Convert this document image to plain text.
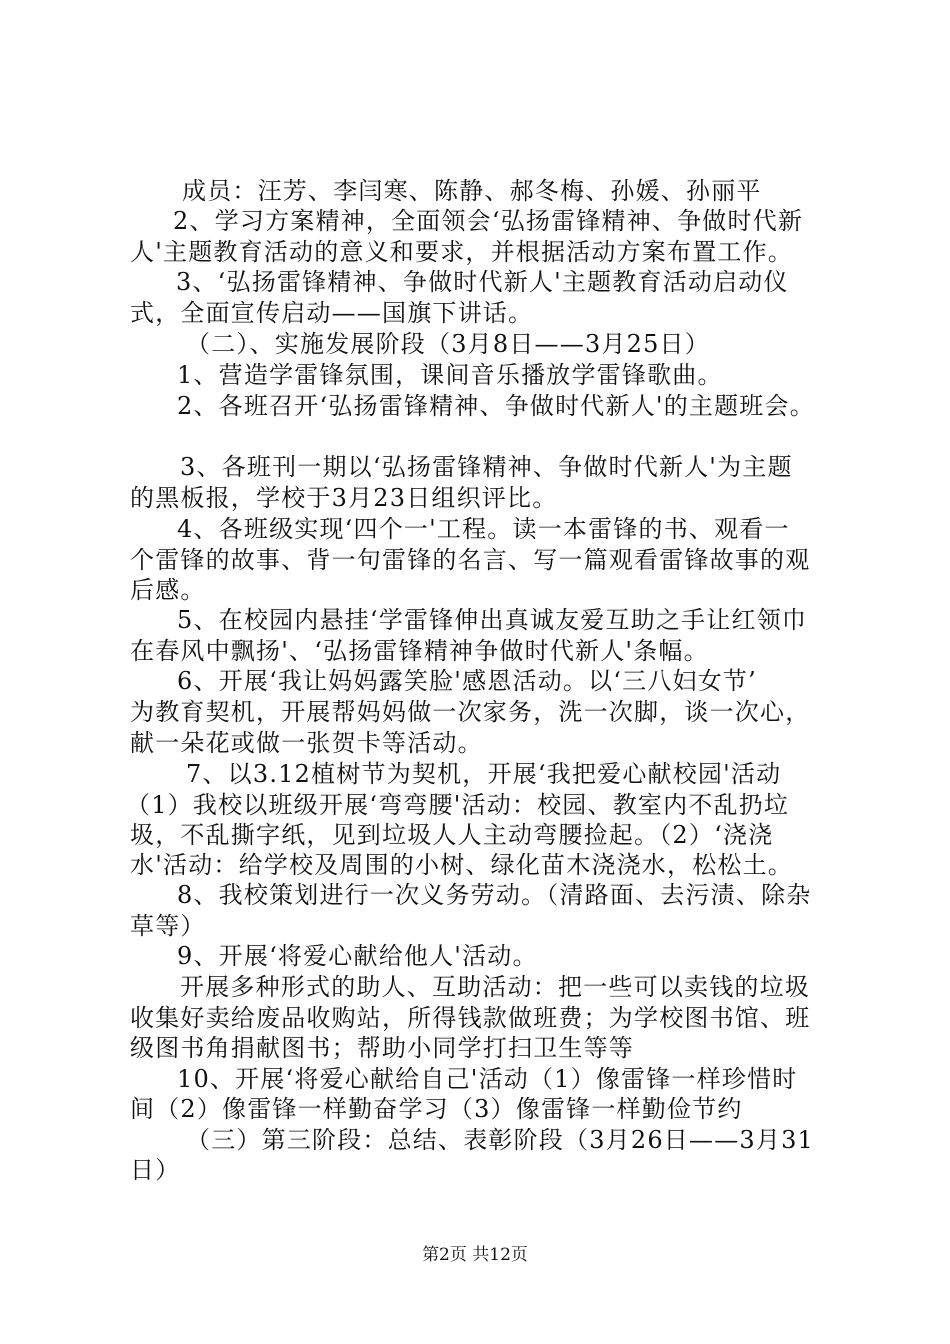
成员：汪芳、李闫寒、陈静、郝冬梅、孙媛、孙丽平
2、学习方案精神，全面领会‘弘扬雷锋精神、争做时代新
人'主题教育活动的意义和要求，并根据活动方案布置工作。
3、‘弘扬雷锋精神、争做时代新人'主题教育活动启动仪
式，全面宣传启动——国旗下讲话。
（二）、实施发展阶段（3月8日——3月25日）
1、营造学雷锋氛围，课间音乐播放学雷锋歌曲。
2、各班召开‘弘扬雷锋精神、争做时代新人'的主题班会。
3、各班刊一期以‘弘扬雷锋精神、争做时代新人'为主题
的黑板报，学校于3月23日组织评比。
4、各班级实现‘四个一'工程。读一本雷锋的书、观看一
个雷锋的故事、背一句雷锋的名言、写一篇观看雷锋故事的观
后感。
5、在校园内悬挂‘学雷锋伸出真诚友爱互助之手让红领巾
在春风中飘扬'、‘弘扬雷锋精神争做时代新人'条幅。
6、开展‘我让妈妈露笑脸'感恩活动。以‘三八妇女节’
为教育契机，开展帮妈妈做一次家务，洗一次脚，谈一次心，
献一朵花或做一张贺卡等活动。
7、以3.12植树节为契机，开展‘我把爱心献校园'活动
（1）我校以班级开展‘弯弯腰'活动：校园、教室内不乱扔垃
圾，不乱撕字纸，见到垃圾人人主动弯腰捡起。（2）‘浇浇
水'活动：给学校及周围的小树、绿化苗木浇浇水，松松土。
8、我校策划进行一次义务劳动。（清路面、去污渍、除杂
草等）
9、开展‘将爱心献给他人'活动。
开展多种形式的助人、互助活动：把一些可以卖钱的垃圾
收集好卖给废品收购站，所得钱款做班费；为学校图书馆、班
级图书角捐献图书；帮助小同学打扫卫生等等
10、开展‘将爱心献给自己'活动（1）像雷锋一样珍惜时
间（2）像雷锋一样勤奋学习（3）像雷锋一样勤俭节约
（三）第三阶段：总结、表彰阶段（3月26日——3月31
日）
第2页 共12页
